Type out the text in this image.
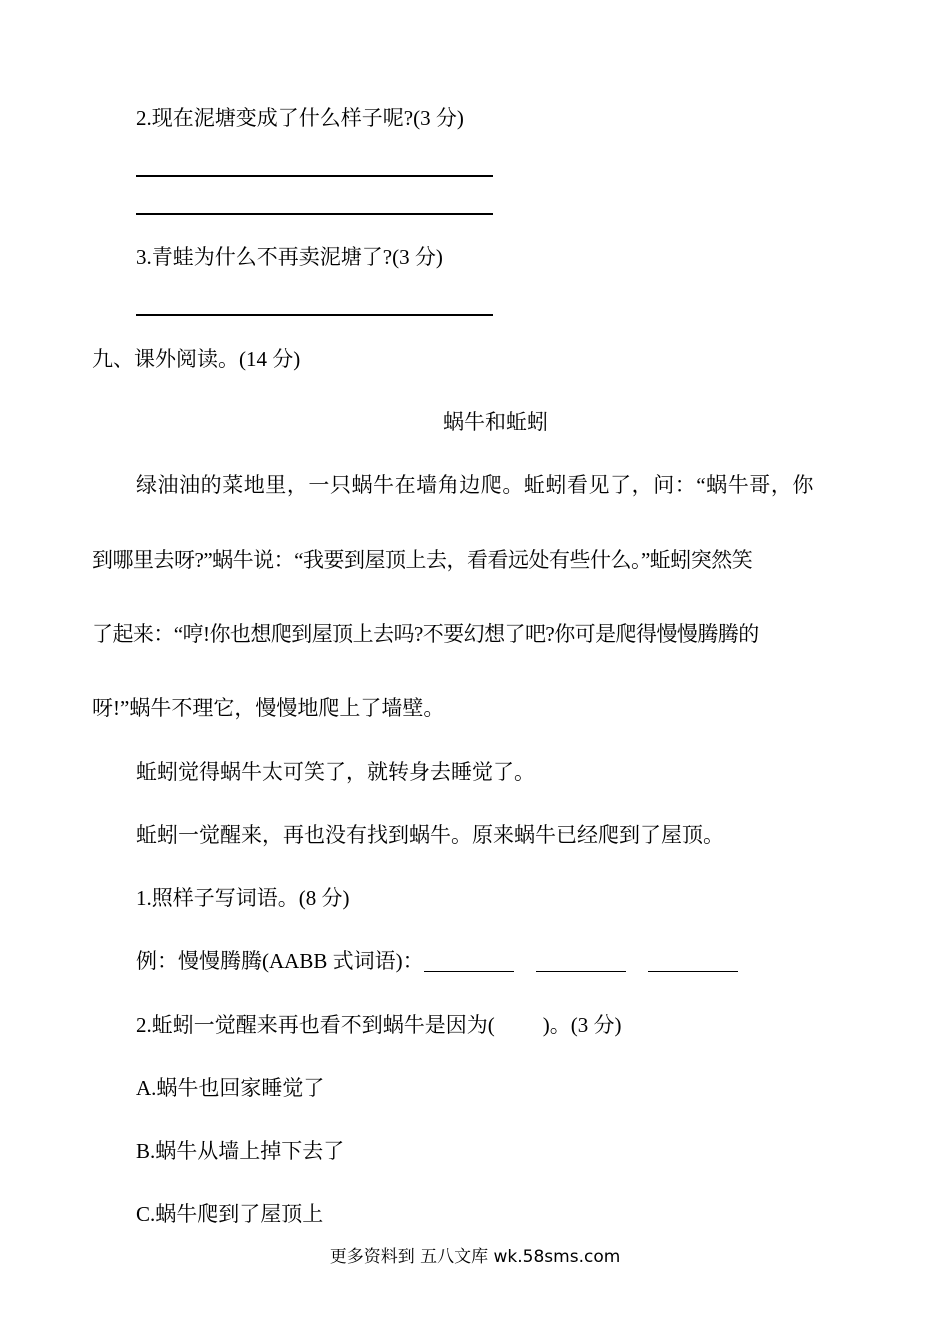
2.现在泥塘变成了什么样子呢?(3 分)
3.青蛙为什么不再卖泥塘了?(3 分)
九、课外阅读。(14 分)
蜗牛和蚯蚓
绿油油的菜地里，一只蜗牛在墙角边爬。蚯蚓看见了，问：“蜗牛哥，你
到哪里去呀?”蜗牛说：“我要到屋顶上去，看看远处有些什么。”蚯蚓突然笑
了起来：“哼!你也想爬到屋顶上去吗?不要幻想了吧?你可是爬得慢慢腾腾的
呀!”蜗牛不理它，慢慢地爬上了墙壁。
蚯蚓觉得蜗牛太可笑了，就转身去睡觉了。
蚯蚓一觉醒来，再也没有找到蜗牛。原来蜗牛已经爬到了屋顶。
1.照样子写词语。(8 分)
例：慢慢腾腾(AABB 式词语)：
2.蚯蚓一觉醒来再也看不到蜗牛是因为( )。(3 分)
A.蜗牛也回家睡觉了
B.蜗牛从墙上掉下去了
C.蜗牛爬到了屋顶上
更多资料到 五八文库 wk.58sms.com
